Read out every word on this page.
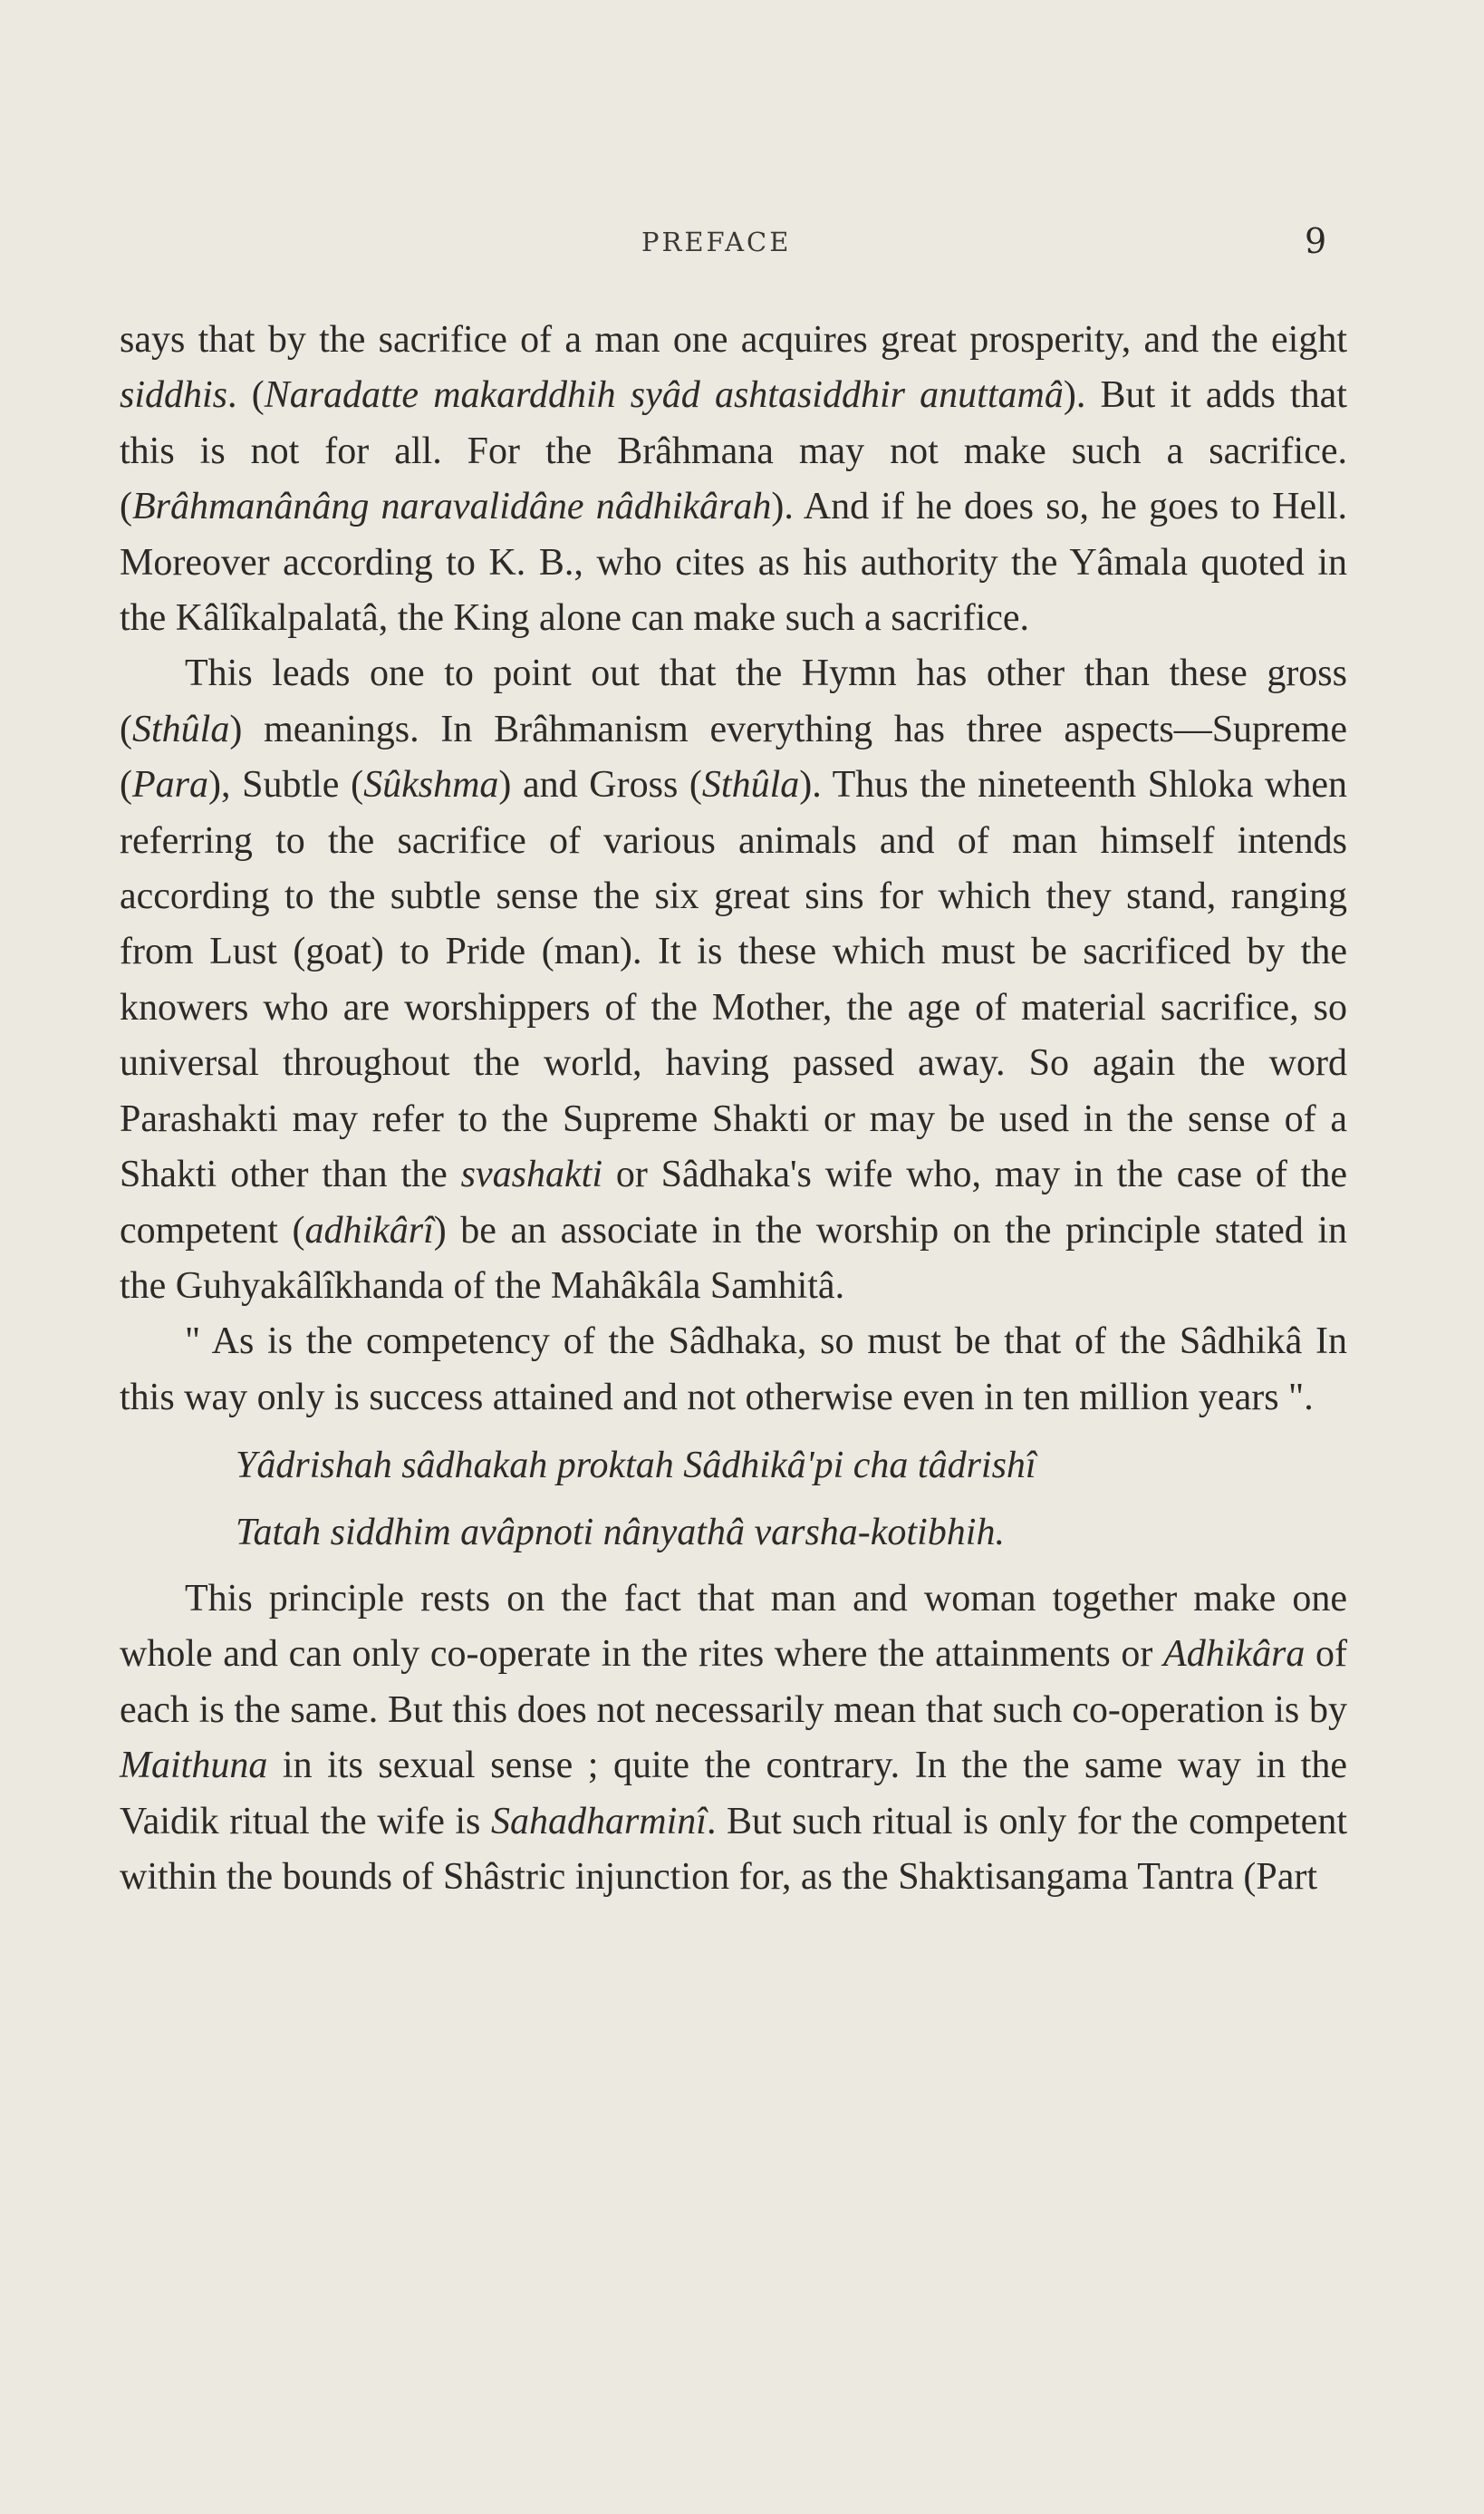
PREFACE	9

says that by the sacrifice of a man one acquires great prosperity, and the eight siddhis. (Naradatte makarddhih syâd ashtasiddhir anuttamâ). But it adds that this is not for all. For the Brâhmana may not make such a sacrifice. (Brâhmanânâng naravalidâne nâdhikârah). And if he does so, he goes to Hell. Moreover according to K. B., who cites as his authority the Yâmala quoted in the Kâlîkalpalatâ, the King alone can make such a sacrifice.

This leads one to point out that the Hymn has other than these gross (Sthûla) meanings. In Brâhmanism everything has three aspects—Supreme (Para), Subtle (Sûkshma) and Gross (Sthûla). Thus the nineteenth Shloka when referring to the sacrifice of various animals and of man himself intends according to the subtle sense the six great sins for which they stand, ranging from Lust (goat) to Pride (man). It is these which must be sacrificed by the knowers who are worshippers of the Mother, the age of material sacrifice, so universal throughout the world, having passed away. So again the word Parashakti may refer to the Supreme Shakti or may be used in the sense of a Shakti other than the svashakti or Sâdhaka's wife who, may in the case of the competent (adhikârî) be an associate in the worship on the principle stated in the Guhyakâlîkhanda of the Mahâkâla Samhitâ.

" As is the competency of the Sâdhaka, so must be that of the Sâdhikâ In this way only is success attained and not otherwise even in ten million years ".

Yâdrishah sâdhakah proktah Sâdhikâ'pi cha tâdrishî

Tatah siddhim avâpnoti nânyathâ varsha-kotibhih.

This principle rests on the fact that man and woman together make one whole and can only co-operate in the rites where the attainments or Adhikâra of each is the same. But this does not necessarily mean that such co-operation is by Maithuna in its sexual sense ; quite the contrary. In the the same way in the Vaidik ritual the wife is Sahadharminî. But such ritual is only for the competent within the bounds of Shâstric injunction for, as the Shaktisangama Tantra (Part
